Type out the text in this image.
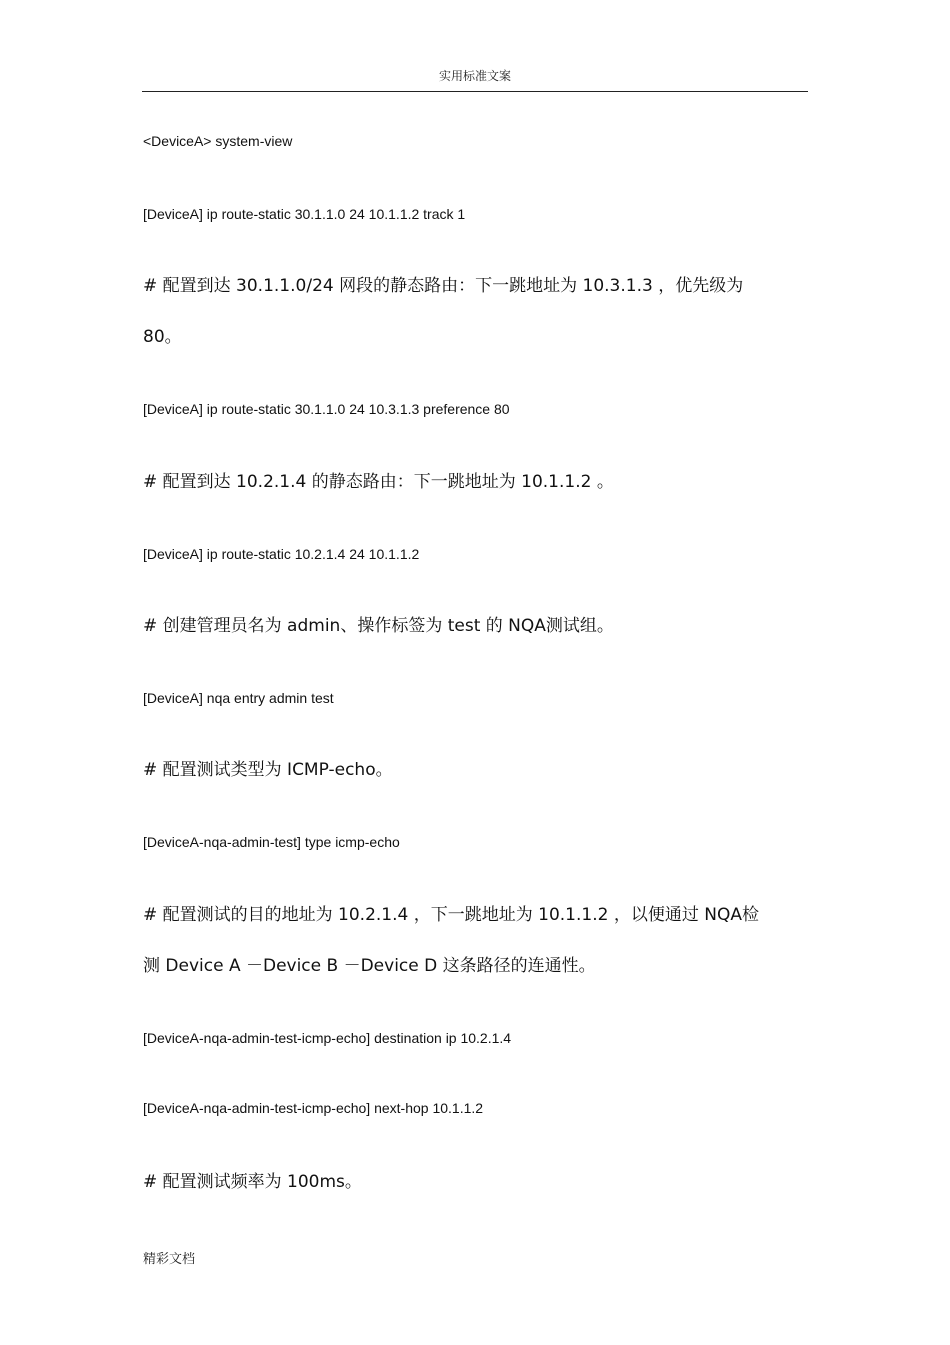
实用标准文案
<DeviceA> system-view
[DeviceA] ip route-static 30.1.1.0 24 10.1.1.2 track 1
# 配置到达 30.1.1.0/24 网段的静态路由：下一跳地址为 10.3.1.3 ，优先级为
80。
[DeviceA] ip route-static 30.1.1.0 24 10.3.1.3 preference 80
# 配置到达 10.2.1.4 的静态路由：下一跳地址为 10.1.1.2 。
[DeviceA] ip route-static 10.2.1.4 24 10.1.1.2
# 创建管理员名为 admin、操作标签为 test 的 NQA测试组。
[DeviceA] nqa entry admin test
# 配置测试类型为 ICMP-echo。
[DeviceA-nqa-admin-test] type icmp-echo
# 配置测试的目的地址为 10.2.1.4 ，下一跳地址为 10.1.1.2 ，以便通过 NQA检
测 Device A －Device B －Device D 这条路径的连通性。
[DeviceA-nqa-admin-test-icmp-echo] destination ip 10.2.1.4
[DeviceA-nqa-admin-test-icmp-echo] next-hop 10.1.1.2
# 配置测试频率为 100ms。
精彩文档
